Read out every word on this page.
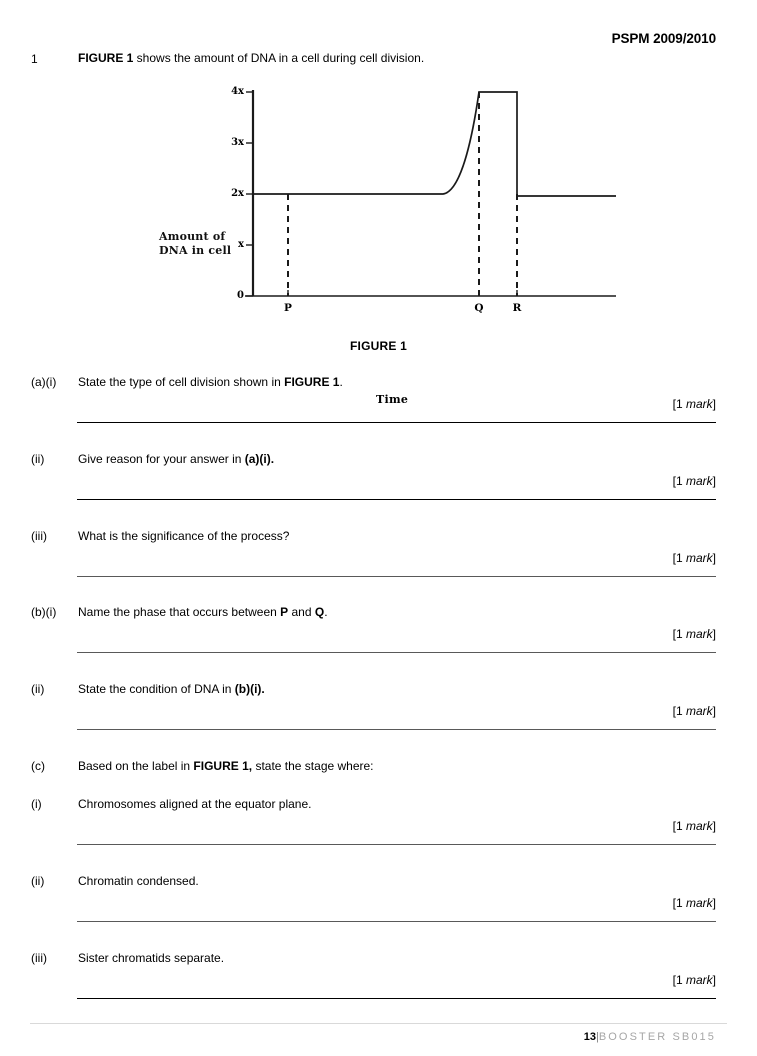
PSPM 2009/2010
1	FIGURE 1 shows the amount of DNA in a cell during cell division.
Amount of
DNA in cell
4x
3x
2x
x
0
P	Q	R
Time
FIGURE 1
(a)(i) State the type of cell division shown in FIGURE 1.
[1 mark]
(ii)	Give reason for your answer in (a)(i).
[1 mark]
(iii)	What is the significance of the process?
[1 mark]
(b)(i) Name the phase that occurs between P and Q.
[1 mark]
(ii)	State the condition of DNA in (b)(i).
[1 mark]
(c)	Based on the label in FIGURE 1, state the stage where:
(i)	Chromosomes aligned at the equator plane.
[1 mark]
(ii)	Chromatin condensed.
[1 mark]
(iii)	Sister chromatids separate.
[1 mark]
13|BOOSTER SB015
